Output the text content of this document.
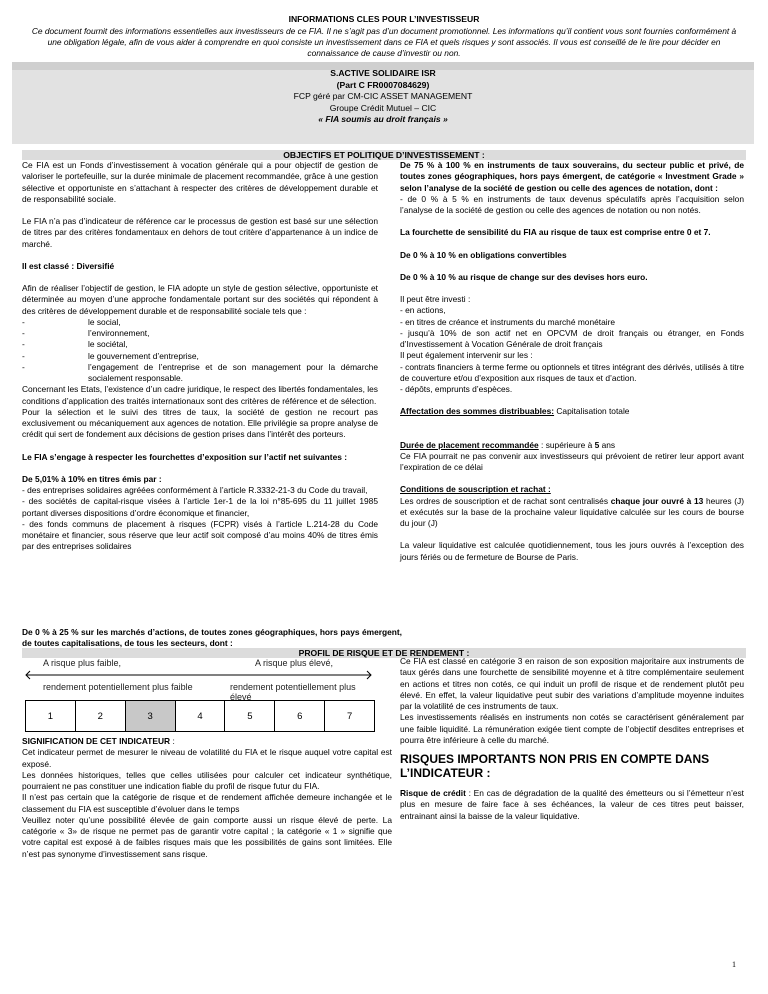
INFORMATIONS CLES POUR L’INVESTISSEUR

Ce document fournit des informations essentielles aux investisseurs de ce FIA. Il ne s’agit pas d’un document promotionnel. Les informations qu’il contient vous sont fournies conformément à une obligation légale, afin de vous aider à comprendre en quoi consiste un investissement dans ce FIA et quels risques y sont associés. Il vous est conseillé de le lire pour décider en connaissance de cause d’investir ou non.

S.ACTIVE SOLIDAIRE ISR

(Part C FR0007084629)

FCP géré par CM-CIC ASSET MANAGEMENT

Groupe Crédit Mutuel – CIC

« FIA soumis au droit français »

OBJECTIFS ET POLITIQUE D’INVESTISSEMENT :

Ce FIA est un Fonds d’investissement à vocation générale qui a pour objectif de gestion de valoriser le portefeuille, sur la durée minimale de placement recommandée, grâce à une gestion sélective et opportuniste en s’attachant à respecter des critères de développement durable et de responsabilité sociale.

Le FIA n’a pas d’indicateur de référence car le processus de gestion est basé sur une sélection de titres par des critères fondamentaux en dehors de tout critère d’appartenance à un indice de marché.

Il est classé : Diversifié

Afin de réaliser l’objectif de gestion, le FIA adopte un style de gestion sélective, opportuniste et déterminée au moyen d’une approche fondamentale portant sur des sociétés qui répondent à des critères de développement durable et de responsabilité sociale tels que :

-	le social,
-	l’environnement,
-	le sociétal,
-	le gouvernement d’entreprise,
-	l’engagement de l’entreprise et de son management pour la démarche socialement responsable.

Concernant les Etats, l’existence d’un cadre juridique, le respect des libertés fondamentales, les conditions d’application des traités internationaux sont des critères de référence et de sélection.

Pour la sélection et le suivi des titres de taux, la société de gestion ne recourt pas exclusivement ou mécaniquement aux agences de notation. Elle privilégie sa propre analyse de crédit qui sert de fondement aux décisions de gestion prises dans l’intérêt des porteurs.

Le FIA s’engage à respecter les fourchettes d’exposition sur l’actif net suivantes :

De 5,01% à 10% en titres émis par :

- des entreprises solidaires agréées conformément à l’article R.3332-21-3 du Code du travail,

- des sociétés de capital-risque visées à l’article 1er-1 de la loi n°85-695 du 11 juillet 1985 portant diverses dispositions d’ordre économique et financier,

- des fonds communs de placement à risques (FCPR) visés à l’article L.214-28 du Code monétaire et financier, sous réserve que leur actif soit composé d’au moins 40% de titres émis par des entreprises solidaires

De 75 % à 100 % en instruments de taux souverains, du secteur public et privé, de toutes zones géographiques, hors pays émergent, de catégorie « Investment Grade » selon l’analyse de la société de gestion ou celle des agences de notation, dont :

- de 0 % à 5 % en instruments de taux devenus spéculatifs après l’acquisition selon l’analyse de la société de gestion ou celle des agences de notation ou non notés.

La fourchette de sensibilité du FIA au risque de taux est comprise entre 0 et 7.

De 0 % à 10 % en obligations convertibles

De 0 % à 10 % au risque de change sur des devises hors euro.

Il peut être investi :

- en actions,

- en titres de créance et instruments du marché monétaire

- jusqu’à 10% de son actif net en OPCVM de droit français ou étranger, en Fonds d’Investissement à Vocation Générale de droit français

Il peut également intervenir sur les :

- contrats financiers à terme ferme ou optionnels et titres intégrant des dérivés, utilisés à titre de couverture et/ou d’exposition aux risques de taux et d’action.

- dépôts, emprunts d’espèces.

Affectation des sommes distribuables: Capitalisation totale

Durée de placement recommandée : supérieure à 5 ans

Ce FIA pourrait ne pas convenir aux investisseurs qui prévoient de retirer leur apport avant l’expiration de ce délai

Conditions de souscription et rachat :

Les ordres de souscription et de rachat sont centralisés chaque jour ouvré à 13 heures (J) et exécutés sur la base de la prochaine valeur liquidative calculée sur les cours de bourse du jour (J)

La valeur liquidative est calculée quotidiennement, tous les jours ouvrés à l’exception des jours fériés ou de fermeture de Bourse de Paris.

De 0 % à 25 % sur les marchés d’actions, de toutes zones géographiques, hors pays émergent, de toutes capitalisations, de tous les secteurs, dont :

PROFIL DE RISQUE ET DE RENDEMENT :

A risque plus faible,	A risque plus élevé,
rendement potentiellement plus faible	rendement potentiellement plus élevé
1	2	3	4	5	6	7

SIGNIFICATION DE CET INDICATEUR :

Cet indicateur permet de mesurer le niveau de volatilité du FIA et le risque auquel votre capital est exposé.

Les données historiques, telles que celles utilisées pour calculer cet indicateur synthétique, pourraient ne pas constituer une indication fiable du profil de risque futur du FIA.

Il n’est pas certain que la catégorie de risque et de rendement affichée demeure inchangée et le classement du FIA est susceptible d’évoluer dans le temps

Veuillez noter qu’une possibilité élevée de gain comporte aussi un risque élevé de perte. La catégorie « 3» de risque ne permet pas de garantir votre capital ; la catégorie « 1 » signifie que votre capital est exposé à de faibles risques mais que les possibilités de gains sont limitées. Elle n’est pas synonyme d’investissement sans risque.

Ce FIA est classé en catégorie 3 en raison de son exposition majoritaire aux instruments de taux gérés dans une fourchette de sensibilité moyenne et à titre complémentaire seulement en actions et titres non cotés, ce qui induit un profil de risque et de rendement plutôt peu élevé. En effet, la valeur liquidative peut subir des variations d’amplitude moyenne induites par la volatilité de ces instruments de taux.

Les investissements réalisés en instruments non cotés se caractérisent généralement par une faible liquidité. La rémunération exigée tient compte de l’objectif desdites entreprises et pourra être inférieure à celle du marché.

RISQUES IMPORTANTS NON PRIS EN COMPTE DANS L’INDICATEUR :

Risque de crédit : En cas de dégradation de la qualité des émetteurs ou si l’émetteur n’est plus en mesure de faire face à ses échéances, la valeur de ces titres peut baisser, entrainant ainsi la baisse de la valeur liquidative.

1
